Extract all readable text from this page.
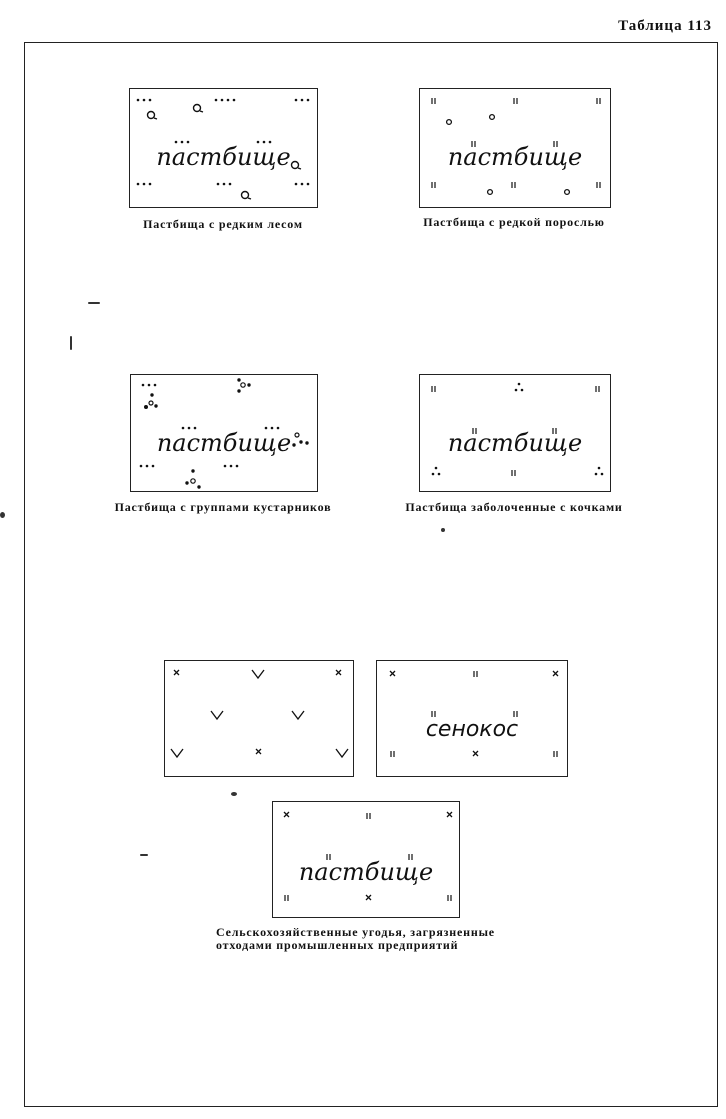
Таблица 113
пастбище
Пастбища с редким лесом
пастбище
Пастбища с редкой порослью
пастбище
Пастбища с группами кустарников
пастбище
Пастбища заболоченные с кочками
сенокос
пастбище
Сельскохозяйственные угодья, загрязненные
отходами промышленных предприятий
